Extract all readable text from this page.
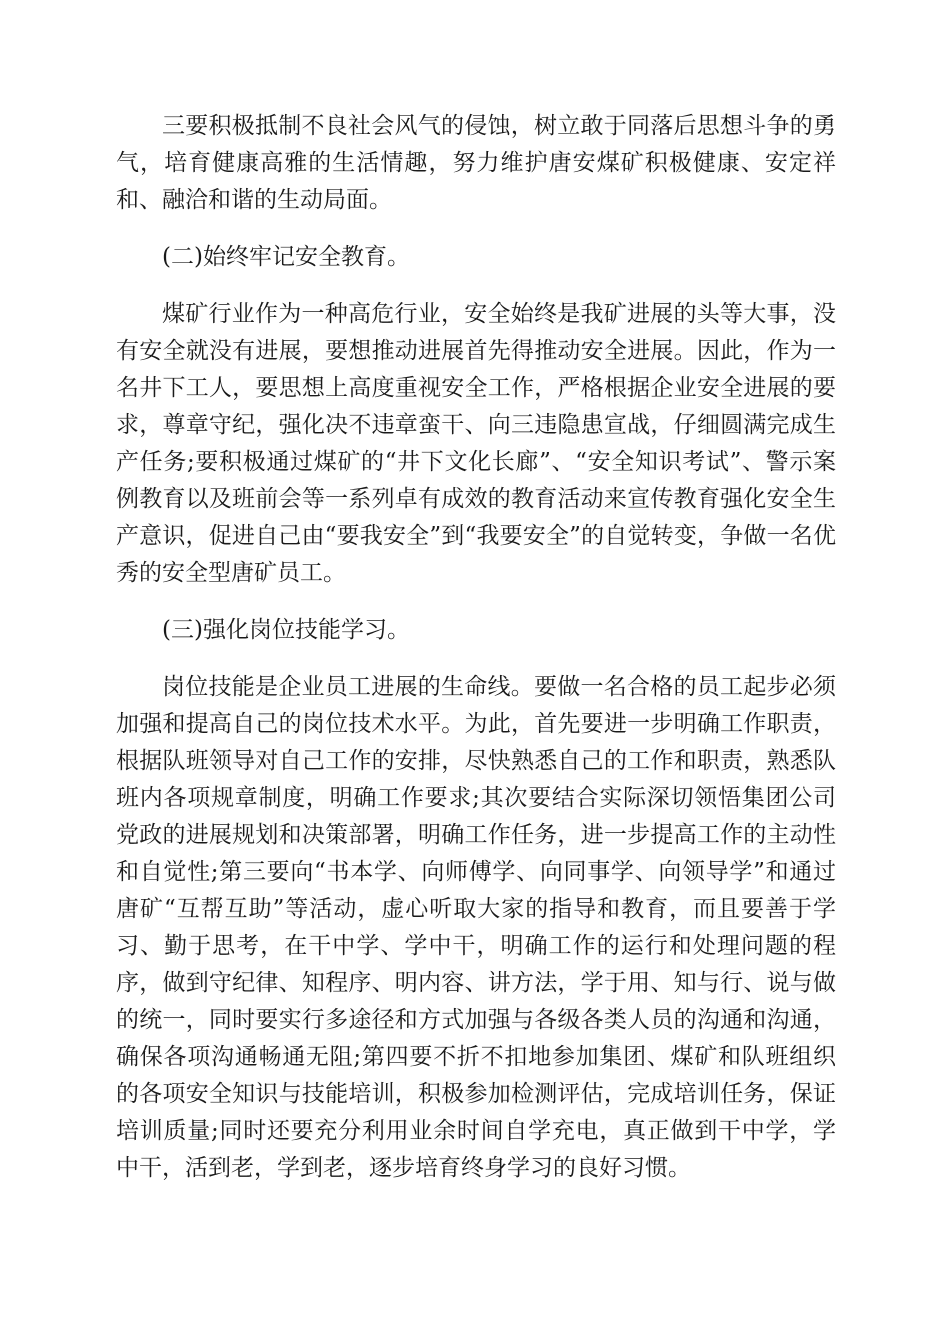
三要积极抵制不良社会风气的侵蚀，树立敢于同落后思想斗争的勇气，培育健康高雅的生活情趣，努力维护唐安煤矿积极健康、安定祥和、融洽和谐的生动局面。

(二)始终牢记安全教育。

煤矿行业作为一种高危行业，安全始终是我矿进展的头等大事，没有安全就没有进展，要想推动进展首先得推动安全进展。因此，作为一名井下工人，要思想上高度重视安全工作，严格根据企业安全进展的要求，尊章守纪，强化决不违章蛮干、向三违隐患宣战，仔细圆满完成生产任务;要积极通过煤矿的“井下文化长廊”、“安全知识考试”、警示案例教育以及班前会等一系列卓有成效的教育活动来宣传教育强化安全生产意识，促进自己由“要我安全”到“我要安全”的自觉转变，争做一名优秀的安全型唐矿员工。

(三)强化岗位技能学习。

岗位技能是企业员工进展的生命线。要做一名合格的员工起步必须加强和提高自己的岗位技术水平。为此，首先要进一步明确工作职责，根据队班领导对自己工作的安排，尽快熟悉自己的工作和职责，熟悉队班内各项规章制度，明确工作要求;其次要结合实际深切领悟集团公司党政的进展规划和决策部署，明确工作任务，进一步提高工作的主动性和自觉性;第三要向“书本学、向师傅学、向同事学、向领导学”和通过唐矿“互帮互助”等活动，虚心听取大家的指导和教育，而且要善于学习、勤于思考，在干中学、学中干，明确工作的运行和处理问题的程序，做到守纪律、知程序、明内容、讲方法，学于用、知与行、说与做的统一，同时要实行多途径和方式加强与各级各类人员的沟通和沟通，确保各项沟通畅通无阻;第四要不折不扣地参加集团、煤矿和队班组织的各项安全知识与技能培训，积极参加检测评估，完成培训任务，保证培训质量;同时还要充分利用业余时间自学充电，真正做到干中学，学中干，活到老，学到老，逐步培育终身学习的良好习惯。
